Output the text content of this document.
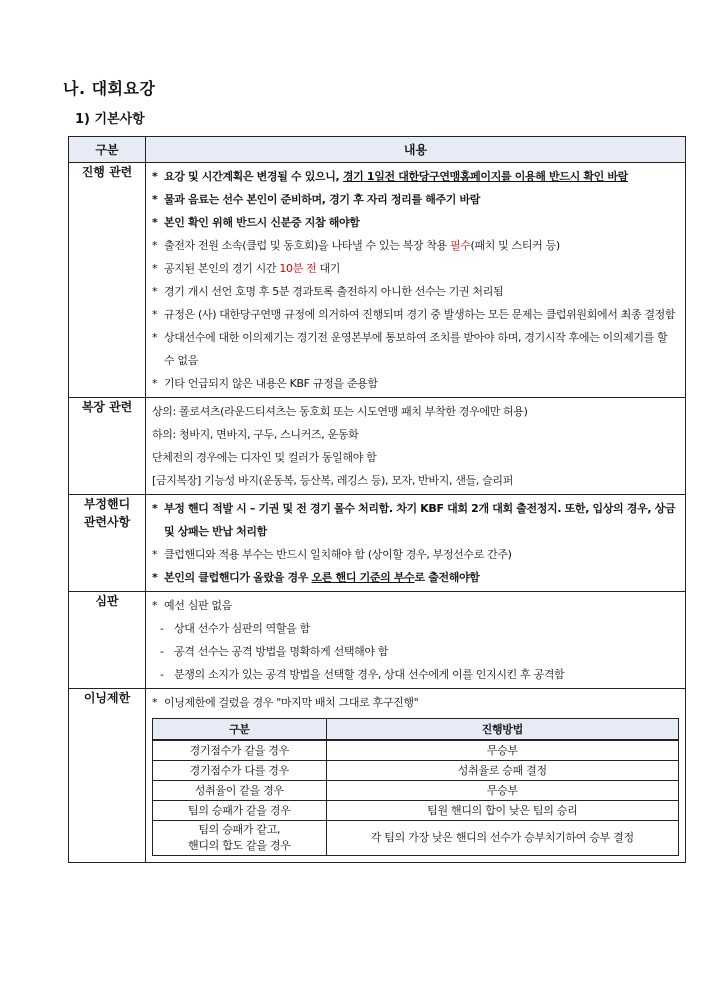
나. 대회요강
1) 기본사항
구분	내용
진행 관련	* 요강 및 시간계획은 변경될 수 있으니, 경기 1일전 대한당구연맹홈페이지를 이용해 반드시 확인 바람
* 물과 음료는 선수 본인이 준비하며, 경기 후 자리 정리를 해주기 바람
* 본인 확인 위해 반드시 신분증 지참 해야함
* 출전자 전원 소속(클럽 및 동호회)을 나타낼 수 있는 복장 착용 필수(패치 및 스티커 등)
* 공지된 본인의 경기 시간 10분 전 대기
* 경기 개시 선언 호명 후 5분 경과토록 출전하지 아니한 선수는 기권 처리됨
* 규정은 (사) 대한당구연맹 규정에 의거하여 진행되며 경기 중 발생하는 모든 문제는 클럽위원회에서 최종 결정함
* 상대선수에 대한 이의제기는 경기전 운영본부에 통보하여 조치를 받아야 하며, 경기시작 후에는 이의제기를 할 수 없음
* 기타 언급되지 않은 내용은 KBF 규정을 준용함

복장 관련	상의: 폴로셔츠(라운드티셔츠는 동호회 또는 시도연맹 패치 부착한 경우에만 허용)
하의: 청바지, 면바지, 구두, 스니커즈, 운동화
단체전의 경우에는 디자인 및 컬러가 동일해야 함
[금지복장] 기능성 바지(운동복, 등산복, 레깅스 등), 모자, 반바지, 샌들, 슬리퍼

부정핸디
관련사항	
* 부정 핸디 적발 시 – 기권 및 전 경기 몰수 처리함. 차기 KBF 대회 2개 대회 출전정지. 또한, 입상의 경우, 상금 및 상패는 반납 처리함
* 클럽핸디와 적용 부수는 반드시 일치해야 함 (상이할 경우, 부정선수로 간주)
* 본인의 클럽핸디가 올랐을 경우 오른 핸디 기준의 부수로 출전해야함

심판	* 예선 심판 없음
- 상대 선수가 심판의 역할을 함
- 공격 선수는 공격 방법을 명확하게 선택해야 함
- 분쟁의 소지가 있는 공격 방법을 선택할 경우, 상대 선수에게 이를 인지시킨 후 공격함

이닝제한	* 이닝제한에 걸렸을 경우 "마지막 배치 그대로 후구진행"
구분	진행방법
경기점수가 같을 경우	무승부
경기점수가 다를 경우	성취율로 승패 결정
성취율이 같을 경우	무승부
팀의 승패가 같을 경우	팀원 핸디의 합이 낮은 팀의 승리
팀의 승패가 같고,
핸디의 합도 같을 경우	각 팀의 가장 낮은 핸디의 선수가 승부치기하여 승부 결정
